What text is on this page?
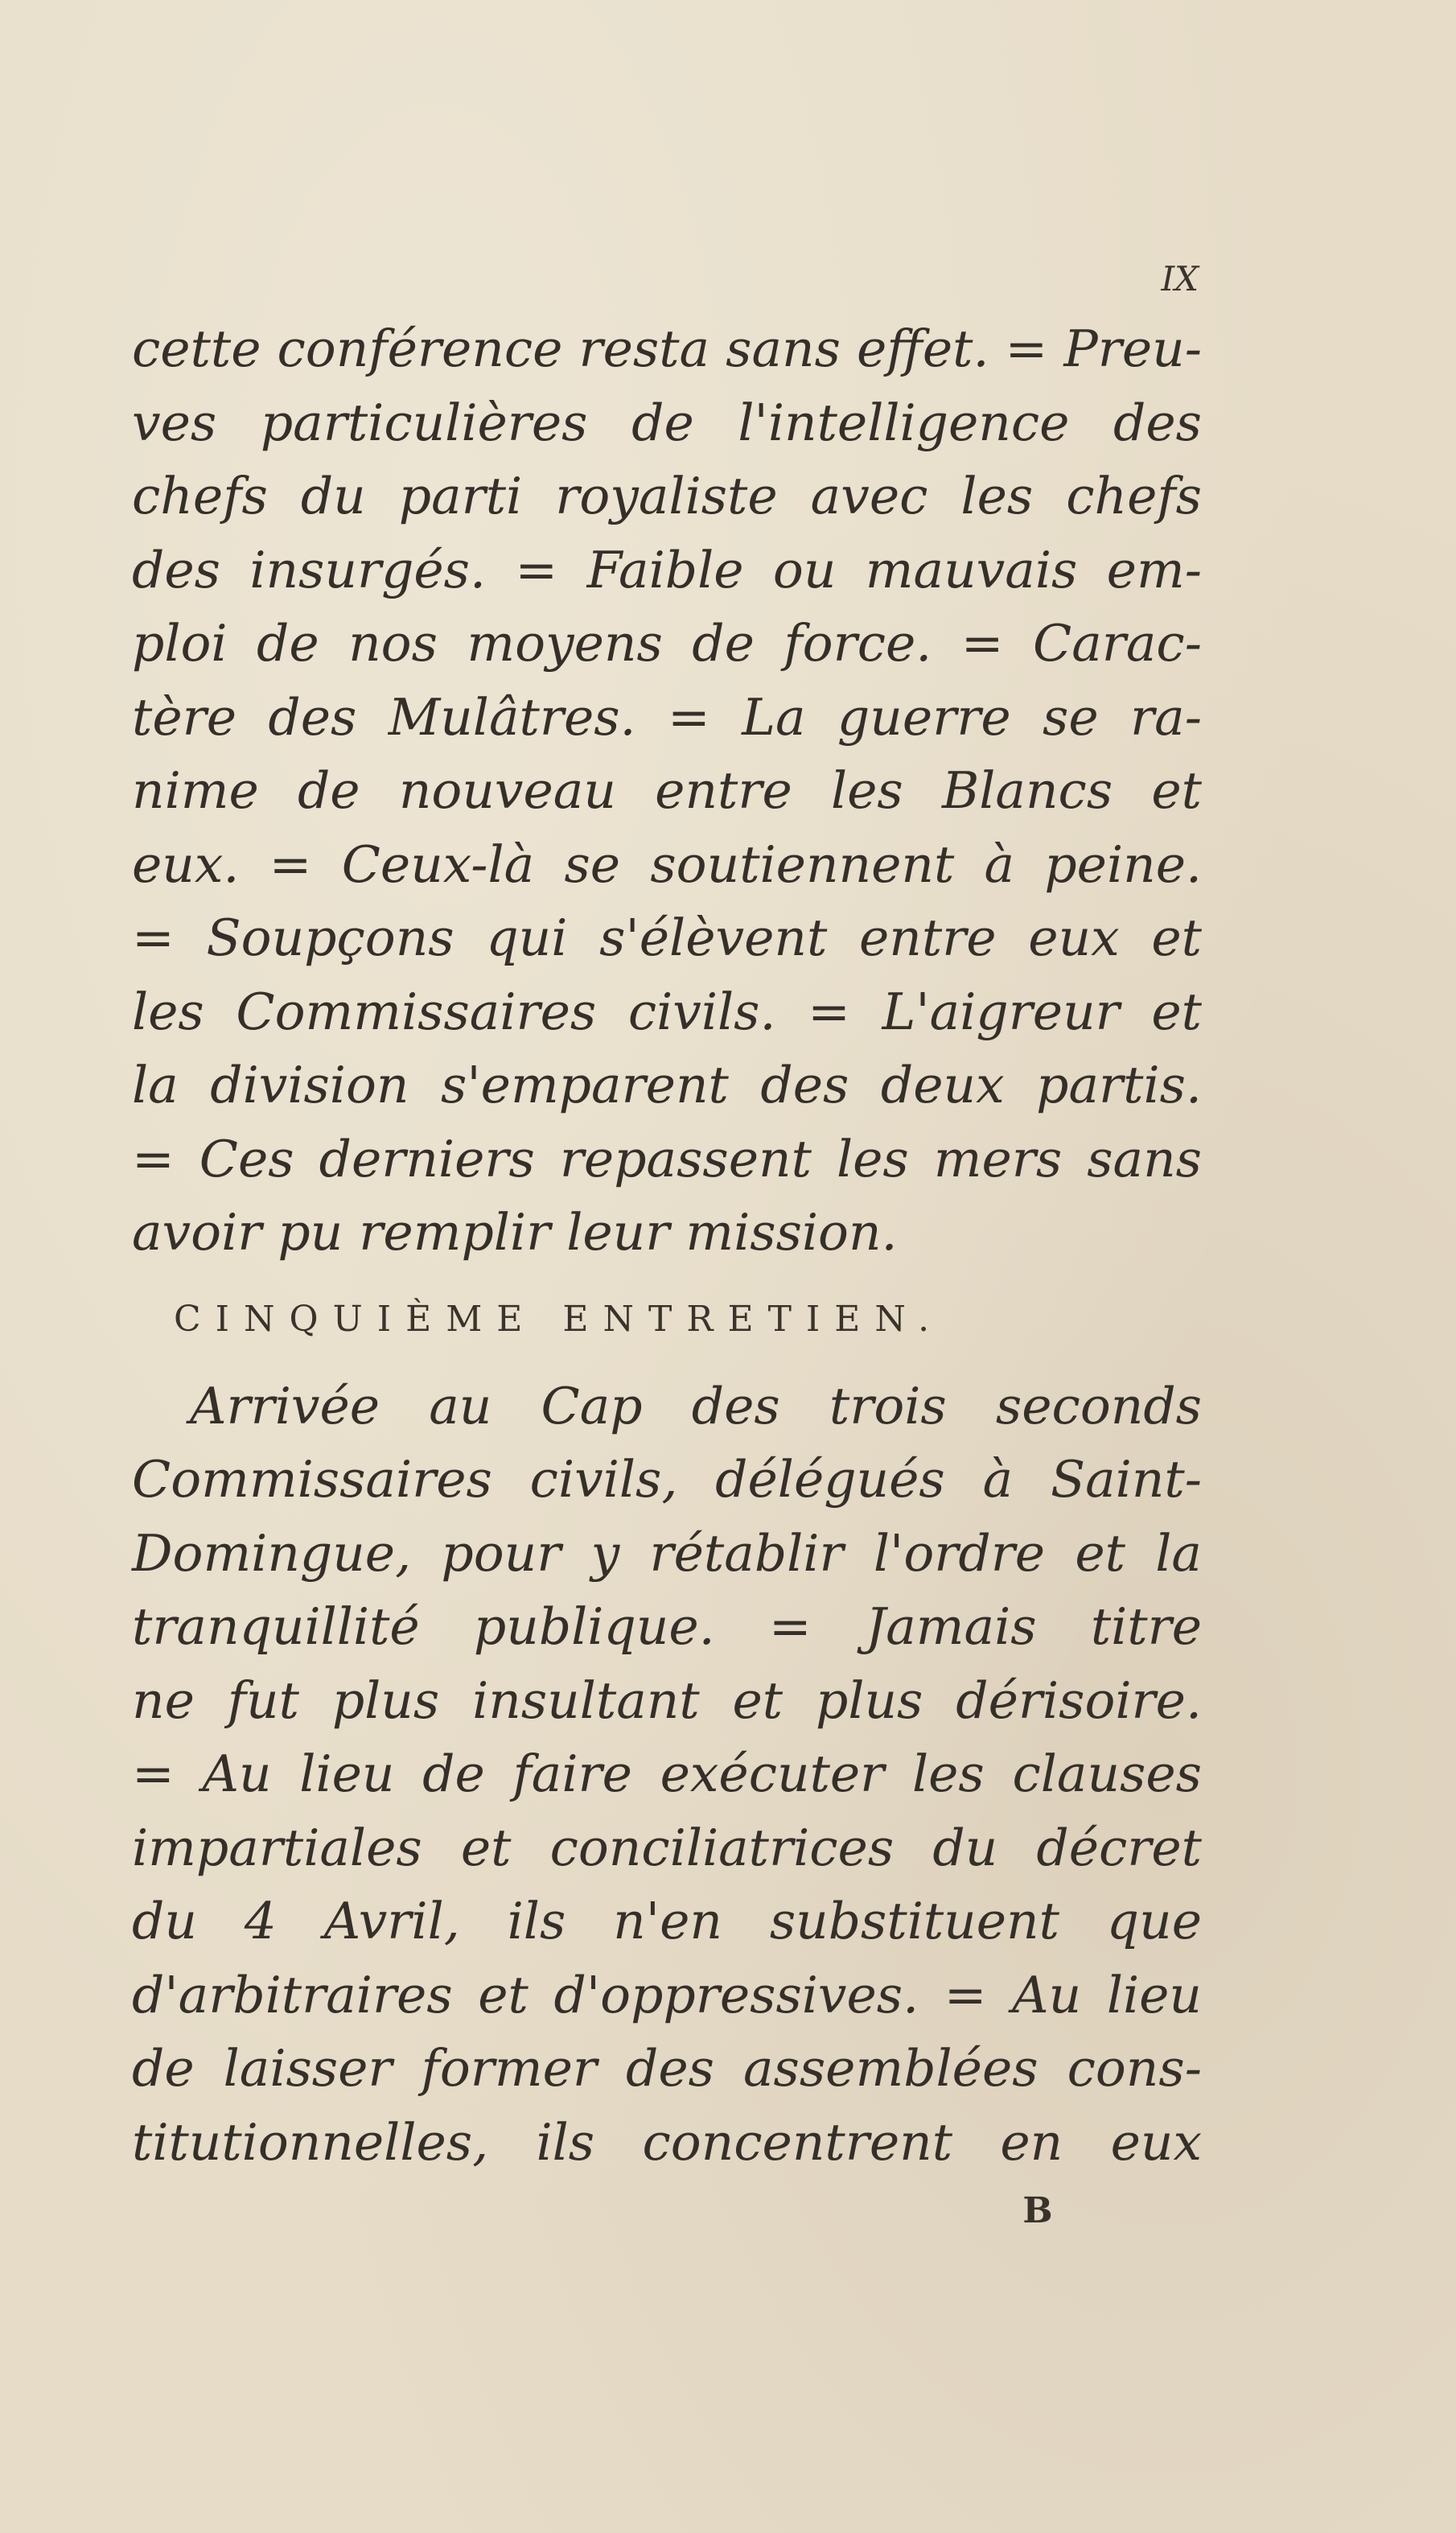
IX
cette conférence resta sans effet. = Preu-
ves particulières de l'intelligence des
chefs du parti royaliste avec les chefs
des insurgés. = Faible ou mauvais em-
ploi de nos moyens de force. = Carac-
tère des Mulâtres. = La guerre se ra-
nime de nouveau entre les Blancs et
eux. = Ceux-là se soutiennent à peine.
= Soupçons qui s'élèvent entre eux et
les Commissaires civils. = L'aigreur et
la division s'emparent des deux partis.
= Ces derniers repassent les mers sans
avoir pu remplir leur mission.
CINQUIÈME ENTRETIEN.
Arrivée au Cap des trois seconds
Commissaires civils, délégués à Saint-
Domingue, pour y rétablir l'ordre et la
tranquillité publique. = Jamais titre
ne fut plus insultant et plus dérisoire.
= Au lieu de faire exécuter les clauses
impartiales et conciliatrices du décret
du 4 Avril, ils n'en substituent que
d'arbitraires et d'oppressives. = Au lieu
de laisser former des assemblées cons-
titutionnelles, ils concentrent en eux
B
